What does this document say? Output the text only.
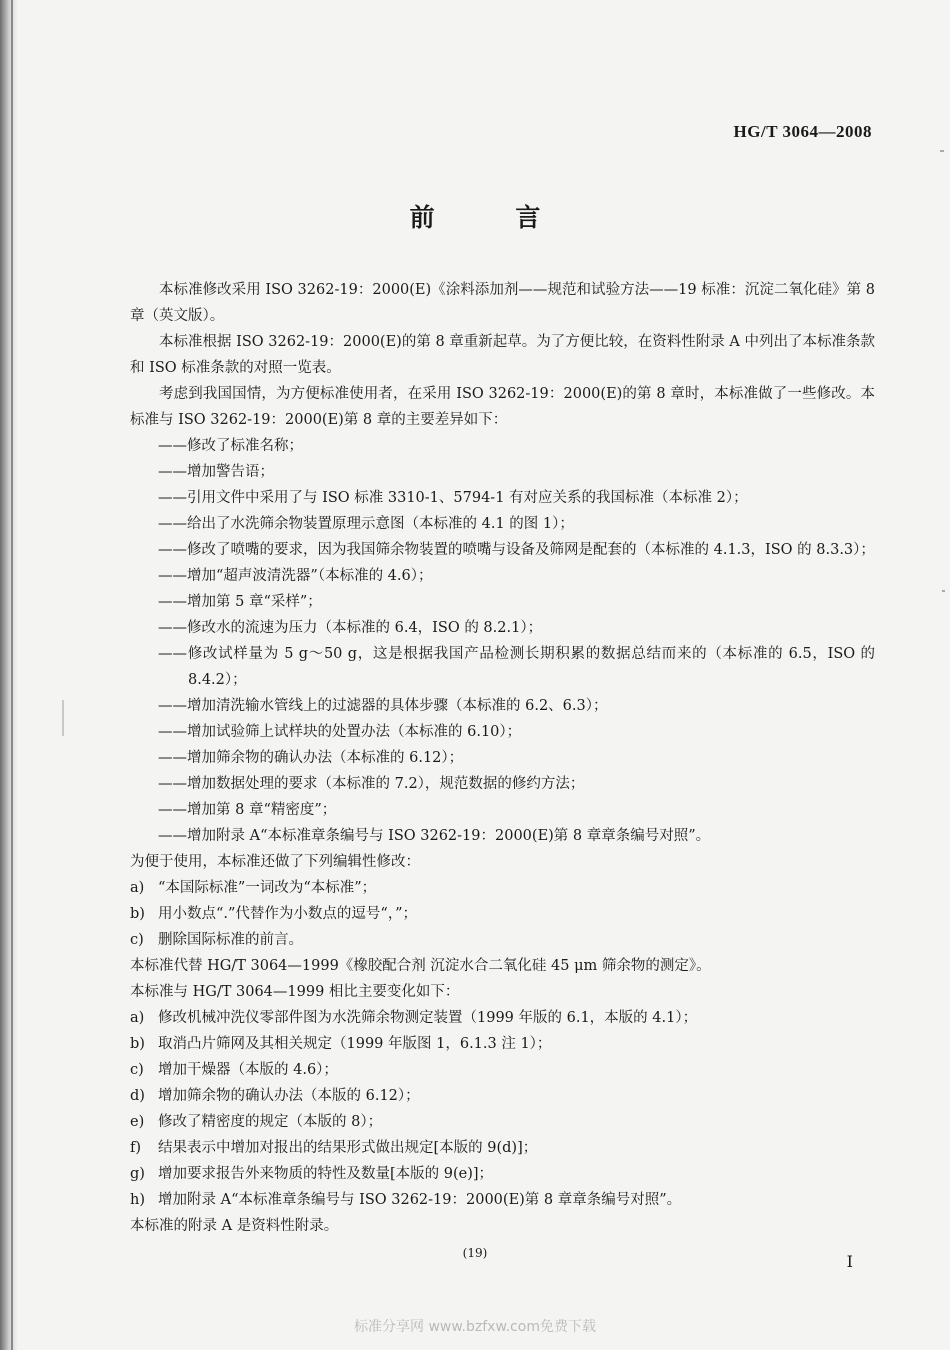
HG/T 3064—2008
前 言

本标准修改采用 ISO 3262-19：2000(E)《涂料添加剂——规范和试验方法——19 标准：沉淀二氧化硅》第 8 章（英文版）。

本标准根据 ISO 3262-19：2000(E)的第 8 章重新起草。为了方便比较，在资料性附录 A 中列出了本标准条款和 ISO 标准条款的对照一览表。

考虑到我国国情，为方便标准使用者，在采用 ISO 3262-19：2000(E)的第 8 章时，本标准做了一些修改。本标准与 ISO 3262-19：2000(E)第 8 章的主要差异如下：

——修改了标准名称；

——增加警告语；

——引用文件中采用了与 ISO 标准 3310-1、5794-1 有对应关系的我国标准（本标准 2）；

——给出了水洗筛余物装置原理示意图（本标准的 4.1 的图 1）；

——修改了喷嘴的要求，因为我国筛余物装置的喷嘴与设备及筛网是配套的（本标准的 4.1.3，ISO 的 8.3.3）；

——增加“超声波清洗器”（本标准的 4.6）；

——增加第 5 章“采样”；

——修改水的流速为压力（本标准的 6.4，ISO 的 8.2.1）；

——修改试样量为 5 g～50 g，这是根据我国产品检测长期积累的数据总结而来的（本标准的 6.5，ISO 的 8.4.2）；

——增加清洗输水管线上的过滤器的具体步骤（本标准的 6.2、6.3）；

——增加试验筛上试样块的处置办法（本标准的 6.10）；

——增加筛余物的确认办法（本标准的 6.12）；

——增加数据处理的要求（本标准的 7.2），规范数据的修约方法；

——增加第 8 章“精密度”；

——增加附录 A“本标准章条编号与 ISO 3262-19：2000(E)第 8 章章条编号对照”。

为便于使用，本标准还做了下列编辑性修改：

a) “本国际标准”一词改为“本标准”；

b) 用小数点“.”代替作为小数点的逗号“，”；

c) 删除国际标准的前言。

本标准代替 HG/T 3064—1999《橡胶配合剂 沉淀水合二氧化硅 45 μm 筛余物的测定》。

本标准与 HG/T 3064—1999 相比主要变化如下：

a) 修改机械冲洗仪零部件图为水洗筛余物测定装置（1999 年版的 6.1，本版的 4.1）；

b) 取消凸片筛网及其相关规定（1999 年版图 1，6.1.3 注 1）；

c) 增加干燥器（本版的 4.6）；

d) 增加筛余物的确认办法（本版的 6.12）；

e) 修改了精密度的规定（本版的 8）；

f) 结果表示中增加对报出的结果形式做出规定[本版的 9(d)]；

g) 增加要求报告外来物质的特性及数量[本版的 9(e)]；

h) 增加附录 A“本标准章条编号与 ISO 3262-19：2000(E)第 8 章章条编号对照”。

本标准的附录 A 是资料性附录。

(19)	I
标准分享网 www.bzfxw.com免费下载
